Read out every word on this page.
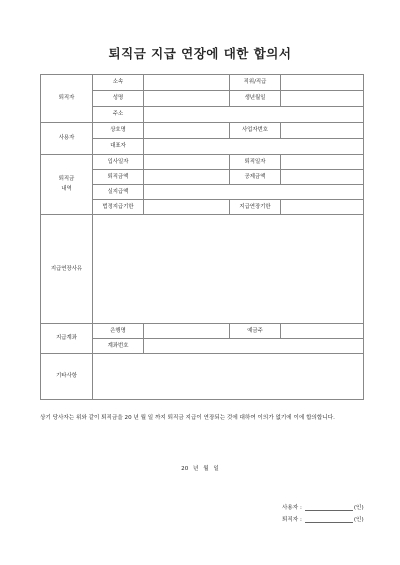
퇴직금 지급 연장에 대한 합의서
퇴직자	소속		직위/직급	
	성명		생년월일	
	주소			
사용자	상호명		사업자번호	
	대표자			
퇴직금
내역	입사일자		퇴직일자	
	퇴직금액		공제금액	
	실지급액			
	법정지급기한		지급연장기한	
지급연장사유				
지급계좌	은행명		예금주	
	계좌번호			
기타사항				
상기 당사자는 위와 같이 퇴직금을 20 년 월 일 까지 퇴직금 지급이 연장되는 것에 대하여 이의가 없기에 이에 합의합니다.
20 년 월 일
사용자 :	(인)
퇴직자 :	(인)
